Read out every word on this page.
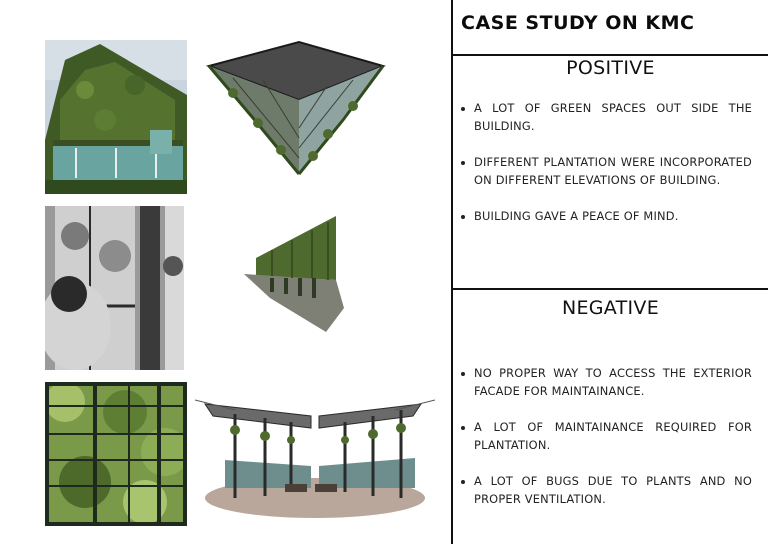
CASE STUDY ON KMC
POSITIVE
A LOT OF GREEN SPACES OUT SIDE THE BUILDING.
DIFFERENT PLANTATION WERE INCORPORATED ON DIFFERENT ELEVATIONS OF BUILDING.
BUILDING GAVE A PEACE OF MIND.
NEGATIVE
NO PROPER WAY TO ACCESS THE EXTERIOR FACADE FOR MAINTAINANCE.
A LOT OF MAINTAINANCE REQUIRED FOR PLANTATION.
A LOT OF BUGS DUE TO PLANTS AND NO PROPER VENTILATION.
